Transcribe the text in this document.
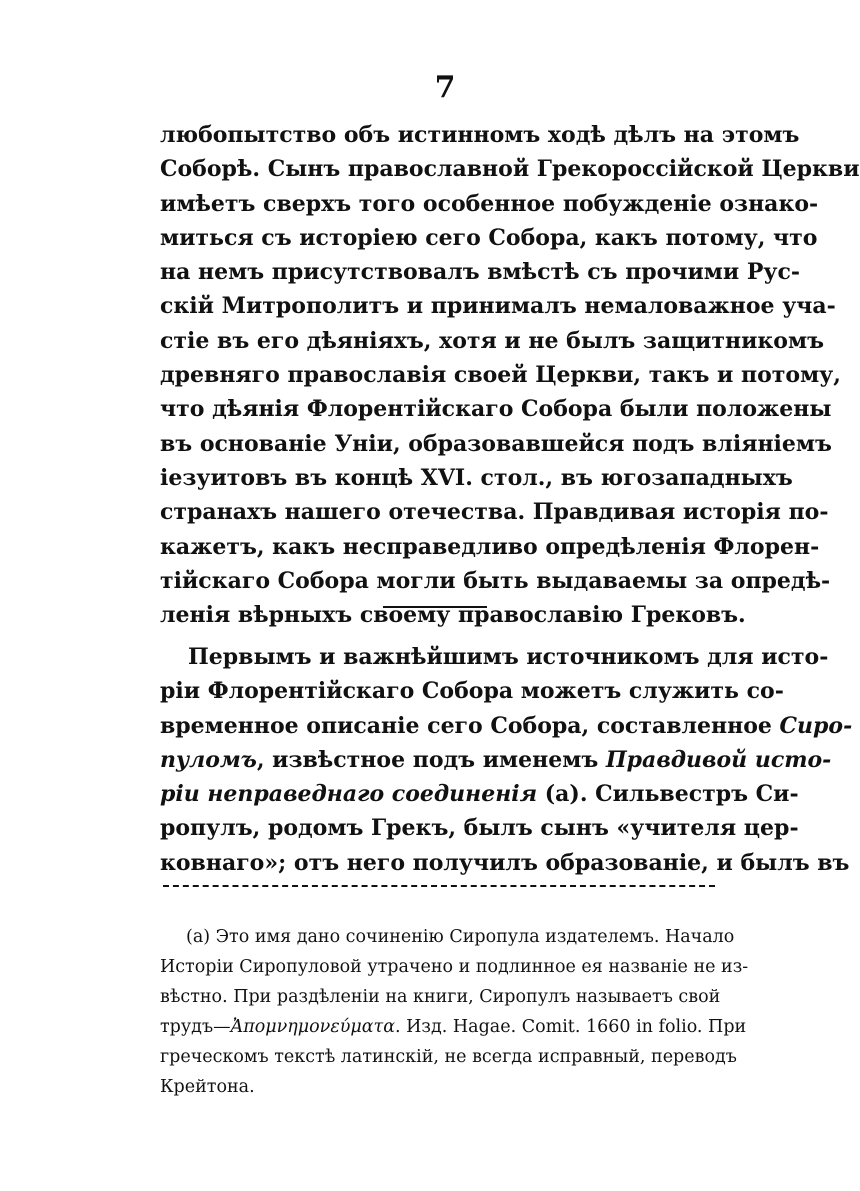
7
любопытство объ истинномъ ходѣ дѣлъ на этомъ
Соборѣ. Сынъ православной Грекороссійской Церкви
имѣетъ сверхъ того особенное побужденіе ознако-
миться съ исторіею сего Собора, какъ потому, что
на немъ присутствовалъ вмѣстѣ съ прочими Рус-
скій Митрополитъ и принималъ немаловажное уча-
стіе въ его дѣяніяхъ, хотя и не былъ защитникомъ
древняго православія своей Церкви, такъ и потому,
что дѣянія Флорентійскаго Собора были положены
въ основаніе Уніи, образовавшейся подъ вліяніемъ
іезуитовъ въ концѣ XVI. стол., въ югозападныхъ
странахъ нашего отечества. Правдивая исторія по-
кажетъ, какъ несправедливо опредѣленія Флорен-
тійскаго Собора могли быть выдаваемы за опредѣ-
ленія вѣрныхъ своему православію Грековъ.
Первымъ и важнѣйшимъ источникомъ для исто-
ріи Флорентійскаго Собора можетъ служить со-
временное описаніе сего Собора, составленное Сиро-
пуломъ, извѣстное подъ именемъ Правдивой исто-
ріи неправеднаго соединенія (а). Сильвестръ Си-
ропулъ, родомъ Грекъ, былъ сынъ «учителя цер-
ковнаго»; отъ него получилъ образованіе, и былъ въ
(а) Это имя дано сочиненію Сиропула издателемъ. Начало
Исторіи Сиропуловой утрачено и подлинное ея названіе не из-
вѣстно. При раздѣленіи на книги, Сиропулъ называетъ свой
трудъ—Ἀπομνημονεύματα. Изд. Hagae. Comit. 1660 in folio. При
греческомъ текстѣ латинскій, не всегда исправный, переводъ
Крейтона.
